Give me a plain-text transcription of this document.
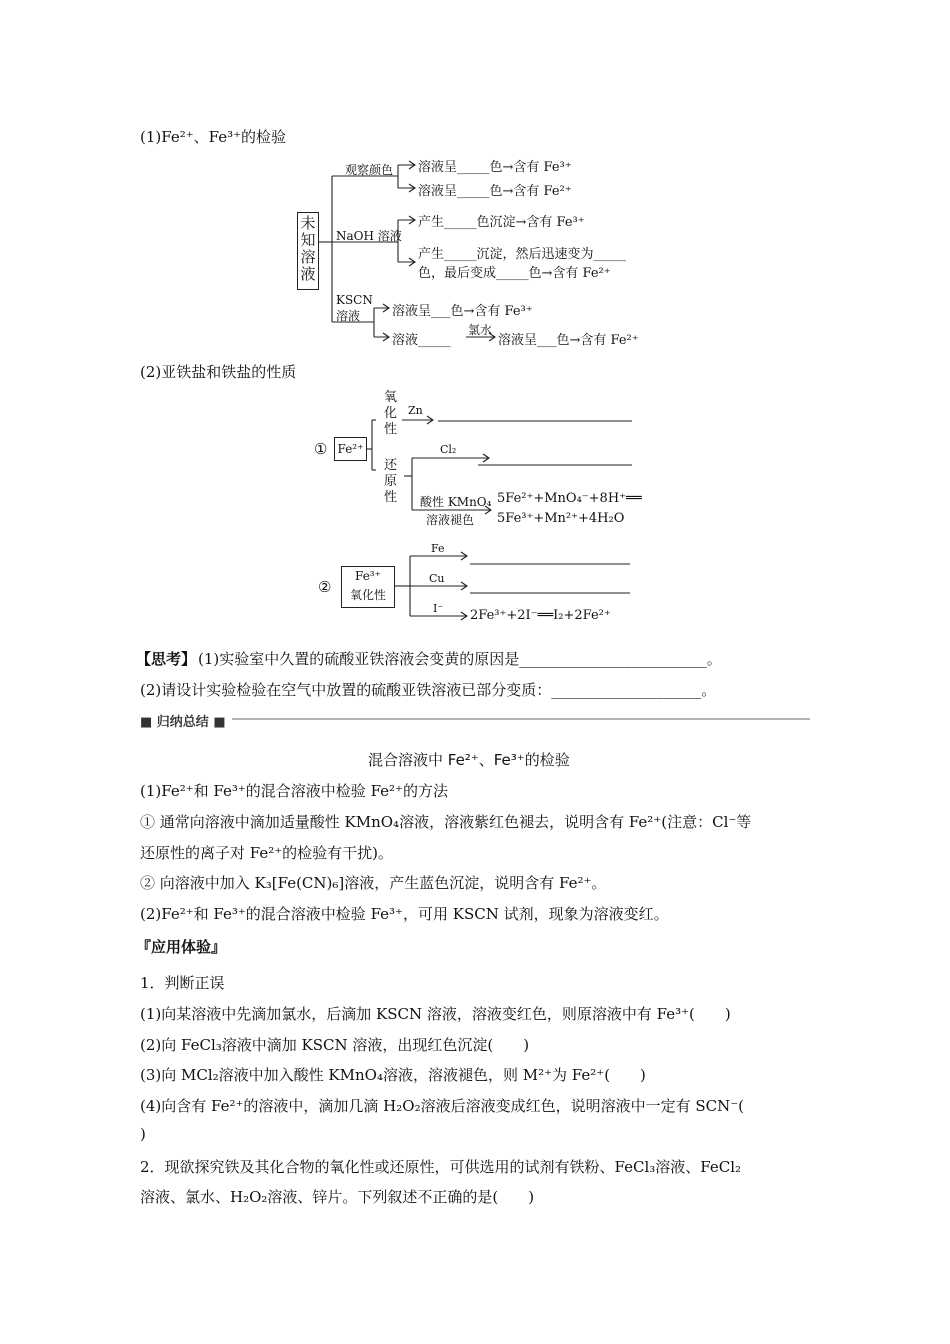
(1)Fe²⁺、Fe³⁺的检验
未知溶液
观察颜色 溶液呈_____色→含有 Fe³⁺
溶液呈_____色→含有 Fe²⁺
NaOH 溶液
产生_____色沉淀→含有 Fe³⁺
产生_____沉淀，然后迅速变为_____
色，最后变成_____色→含有 Fe²⁺
KSCN
溶液 溶液呈___色→含有 Fe³⁺
溶液_____
氯水
溶液呈___色→含有 Fe²⁺
(2)亚铁盐和铁盐的性质
① Fe²⁺
氧化性
Zn
还原性
Cl₂
酸性 KMnO₄
溶液褪色
5Fe²⁺+MnO₄⁻+8H⁺══
5Fe³⁺+Mn²⁺+4H₂O
②
Fe³⁺
氧化性
Fe
Cu
I⁻ 2Fe³⁺+2I⁻══I₂+2Fe²⁺
【思考】 (1)实验室中久置的硫酸亚铁溶液会变黄的原因是_________________________。
(2)请设计实验检验在空气中放置的硫酸亚铁溶液已部分变质：____________________。
■ 归纳总结 ■
混合溶液中 Fe²⁺、Fe³⁺的检验
(1)Fe²⁺和 Fe³⁺的混合溶液中检验 Fe²⁺的方法
① 通常向溶液中滴加适量酸性 KMnO₄溶液，溶液紫红色褪去，说明含有 Fe²⁺(注意：Cl⁻等
还原性的离子对 Fe²⁺的检验有干扰)。
② 向溶液中加入 K₃[Fe(CN)₆]溶液，产生蓝色沉淀，说明含有 Fe²⁺。
(2)Fe²⁺和 Fe³⁺的混合溶液中检验 Fe³⁺，可用 KSCN 试剂，现象为溶液变红。
『应用体验』
1．判断正误
(1)向某溶液中先滴加氯水，后滴加 KSCN 溶液，溶液变红色，则原溶液中有 Fe³⁺(　　)
(2)向 FeCl₃溶液中滴加 KSCN 溶液，出现红色沉淀(　　)
(3)向 MCl₂溶液中加入酸性 KMnO₄溶液，溶液褪色，则 M²⁺为 Fe²⁺(　　)
(4)向含有 Fe²⁺的溶液中，滴加几滴 H₂O₂溶液后溶液变成红色，说明溶液中一定有 SCN⁻(
)
2．现欲探究铁及其化合物的氧化性或还原性，可供选用的试剂有铁粉、FeCl₃溶液、FeCl₂
溶液、氯水、H₂O₂溶液、锌片。下列叙述不正确的是(　　)
